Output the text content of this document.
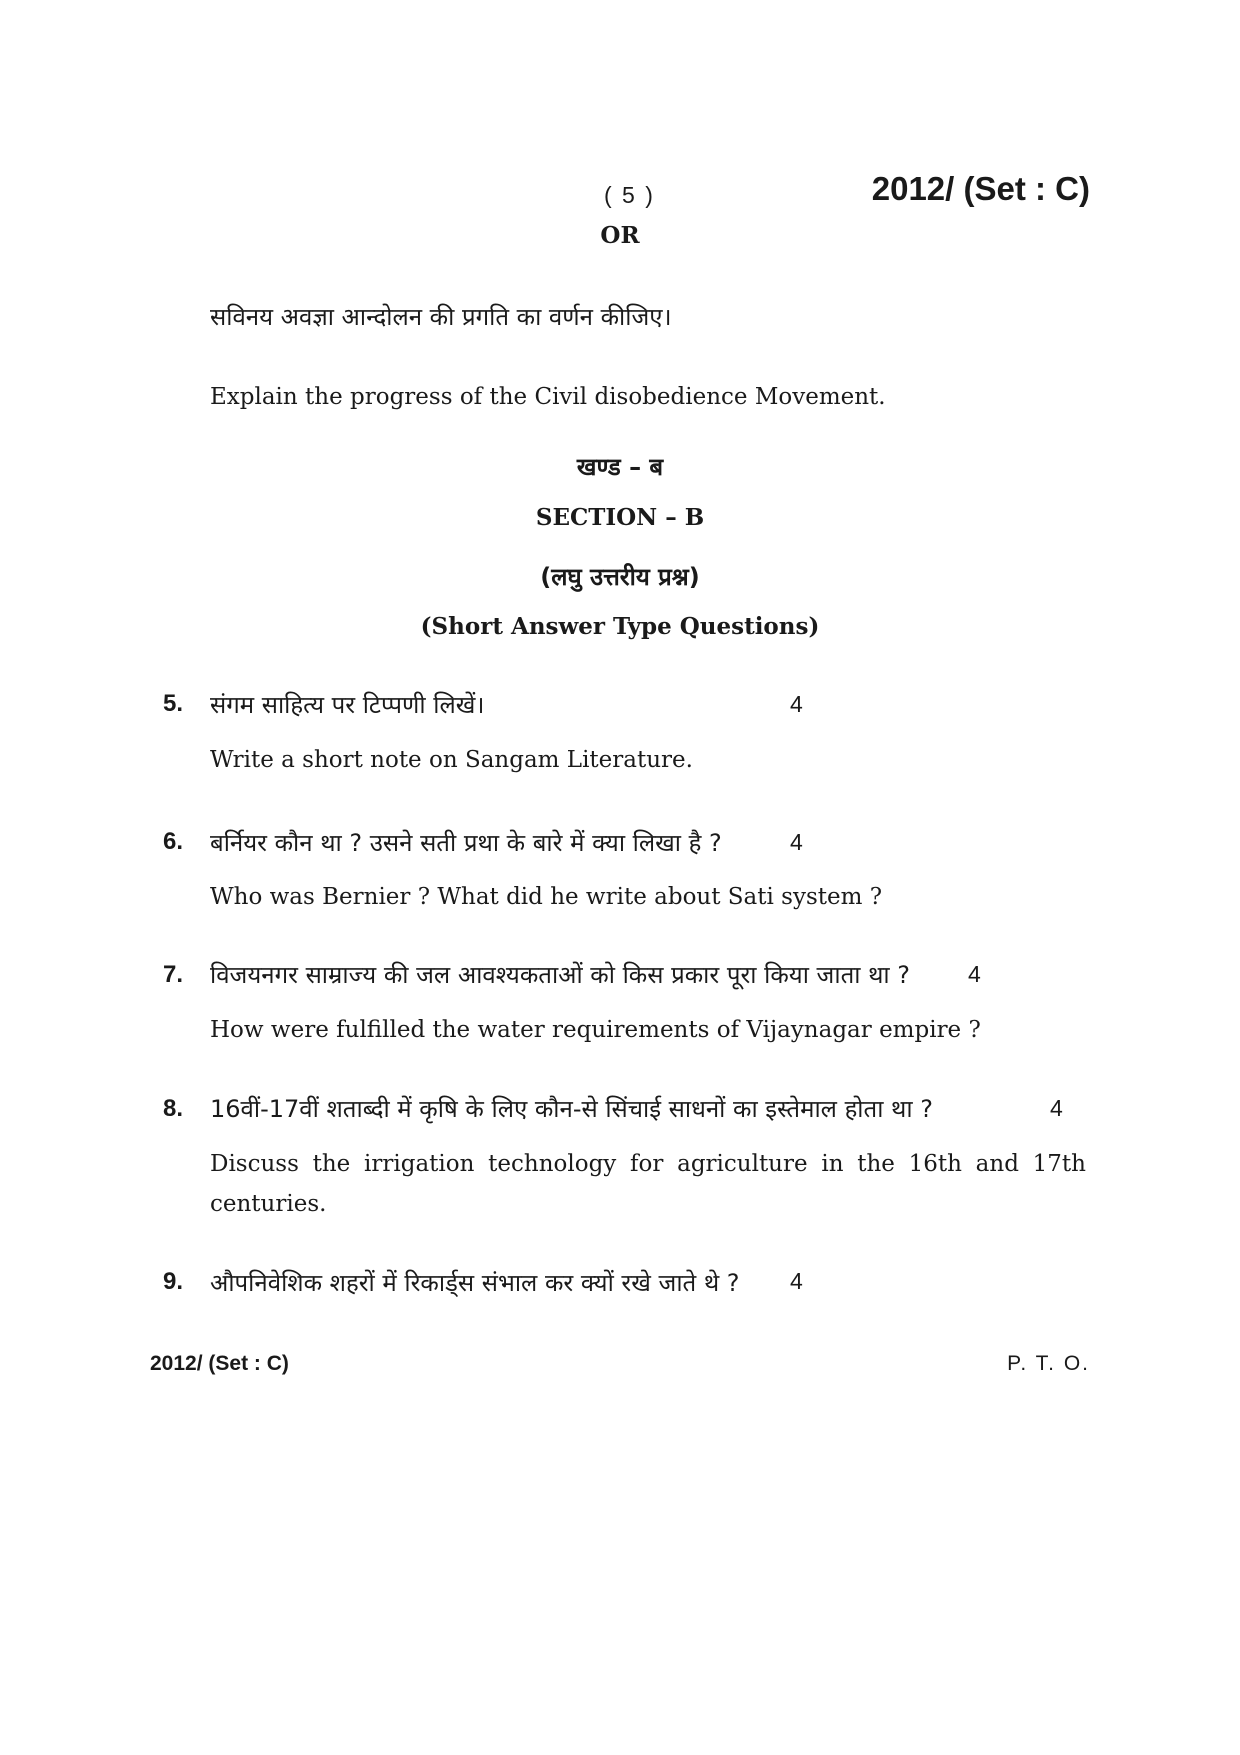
( 5 )	2012/ (Set : C)
OR
सविनय अवज्ञा आन्दोलन की प्रगति का वर्णन कीजिए।
Explain the progress of the Civil disobedience Movement.
खण्ड – ब
SECTION – B
(लघु उत्तरीय प्रश्न)
(Short Answer Type Questions)
5. संगम साहित्य पर टिप्पणी लिखें।	4
Write a short note on Sangam Literature.
6. बर्नियर कौन था ? उसने सती प्रथा के बारे में क्या लिखा है ?	4
Who was Bernier ? What did he write about Sati system ?
7. विजयनगर साम्राज्य की जल आवश्यकताओं को किस प्रकार पूरा किया जाता था ?	4
How were fulfilled the water requirements of Vijaynagar empire ?
8. 16वीं-17वीं शताब्दी में कृषि के लिए कौन-से सिंचाई साधनों का इस्तेमाल होता था ?	4
Discuss the irrigation technology for agriculture in the 16th and 17th
centuries.
9. औपनिवेशिक शहरों में रिकार्ड्स संभाल कर क्यों रखे जाते थे ? 4
2012/ (Set : C)	P. T. O.
